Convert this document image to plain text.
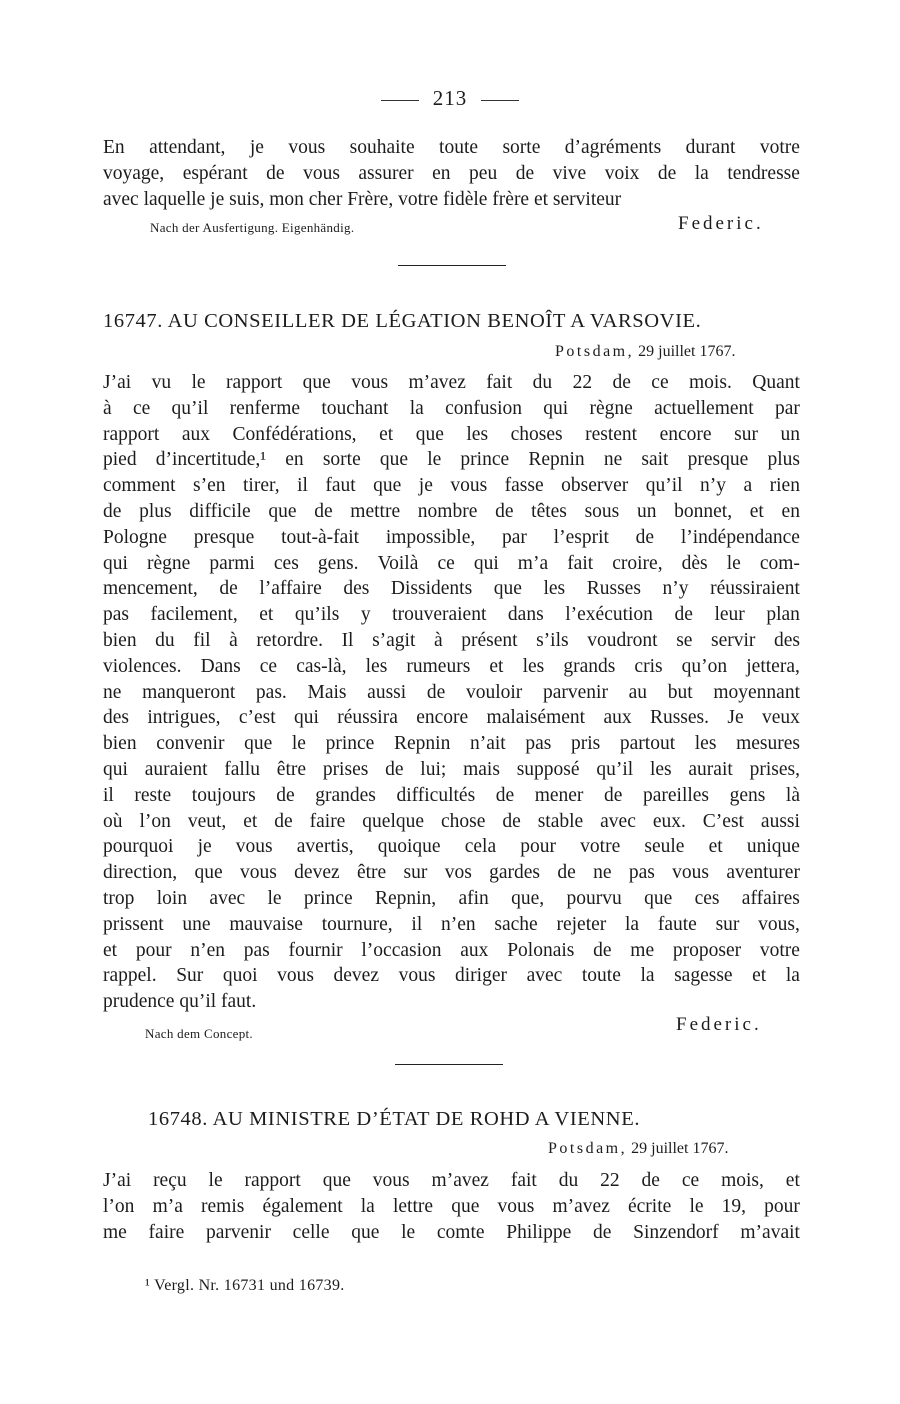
213
En attendant, je vous souhaite toute sorte d’agréments durant votre
voyage, espérant de vous assurer en peu de vive voix de la tendresse
avec laquelle je suis, mon cher Frère, votre fidèle frère et serviteur
Nach der Ausfertigung. Eigenhändig.	Federic.
16747. AU CONSEILLER DE LÉGATION BENOÎT A VARSOVIE.
Potsdam, 29 juillet 1767.
J’ai vu le rapport que vous m’avez fait du 22 de ce mois. Quant
à ce qu’il renferme touchant la confusion qui règne actuellement par
rapport aux Confédérations, et que les choses restent encore sur un
pied d’incertitude,¹ en sorte que le prince Repnin ne sait presque plus
comment s’en tirer, il faut que je vous fasse observer qu’il n’y a rien
de plus difficile que de mettre nombre de têtes sous un bonnet, et en
Pologne presque tout-à-fait impossible, par l’esprit de l’indépendance
qui règne parmi ces gens. Voilà ce qui m’a fait croire, dès le com-
mencement, de l’affaire des Dissidents que les Russes n’y réussiraient
pas facilement, et qu’ils y trouveraient dans l’exécution de leur plan
bien du fil à retordre. Il s’agit à présent s’ils voudront se servir des
violences. Dans ce cas-là, les rumeurs et les grands cris qu’on jettera,
ne manqueront pas. Mais aussi de vouloir parvenir au but moyennant
des intrigues, c’est qui réussira encore malaisément aux Russes. Je veux
bien convenir que le prince Repnin n’ait pas pris partout les mesures
qui auraient fallu être prises de lui; mais supposé qu’il les aurait prises,
il reste toujours de grandes difficultés de mener de pareilles gens là
où l’on veut, et de faire quelque chose de stable avec eux. C’est aussi
pourquoi je vous avertis, quoique cela pour votre seule et unique
direction, que vous devez être sur vos gardes de ne pas vous aventurer
trop loin avec le prince Repnin, afin que, pourvu que ces affaires
prissent une mauvaise tournure, il n’en sache rejeter la faute sur vous,
et pour n’en pas fournir l’occasion aux Polonais de me proposer votre
rappel. Sur quoi vous devez vous diriger avec toute la sagesse et la
prudence qu’il faut.
Nach dem Concept.	Federic.
16748. AU MINISTRE D’ÉTAT DE ROHD A VIENNE.
Potsdam, 29 juillet 1767.
J’ai reçu le rapport que vous m’avez fait du 22 de ce mois, et
l’on m’a remis également la lettre que vous m’avez écrite le 19, pour
me faire parvenir celle que le comte Philippe de Sinzendorf m’avait
¹ Vergl. Nr. 16731 und 16739.
